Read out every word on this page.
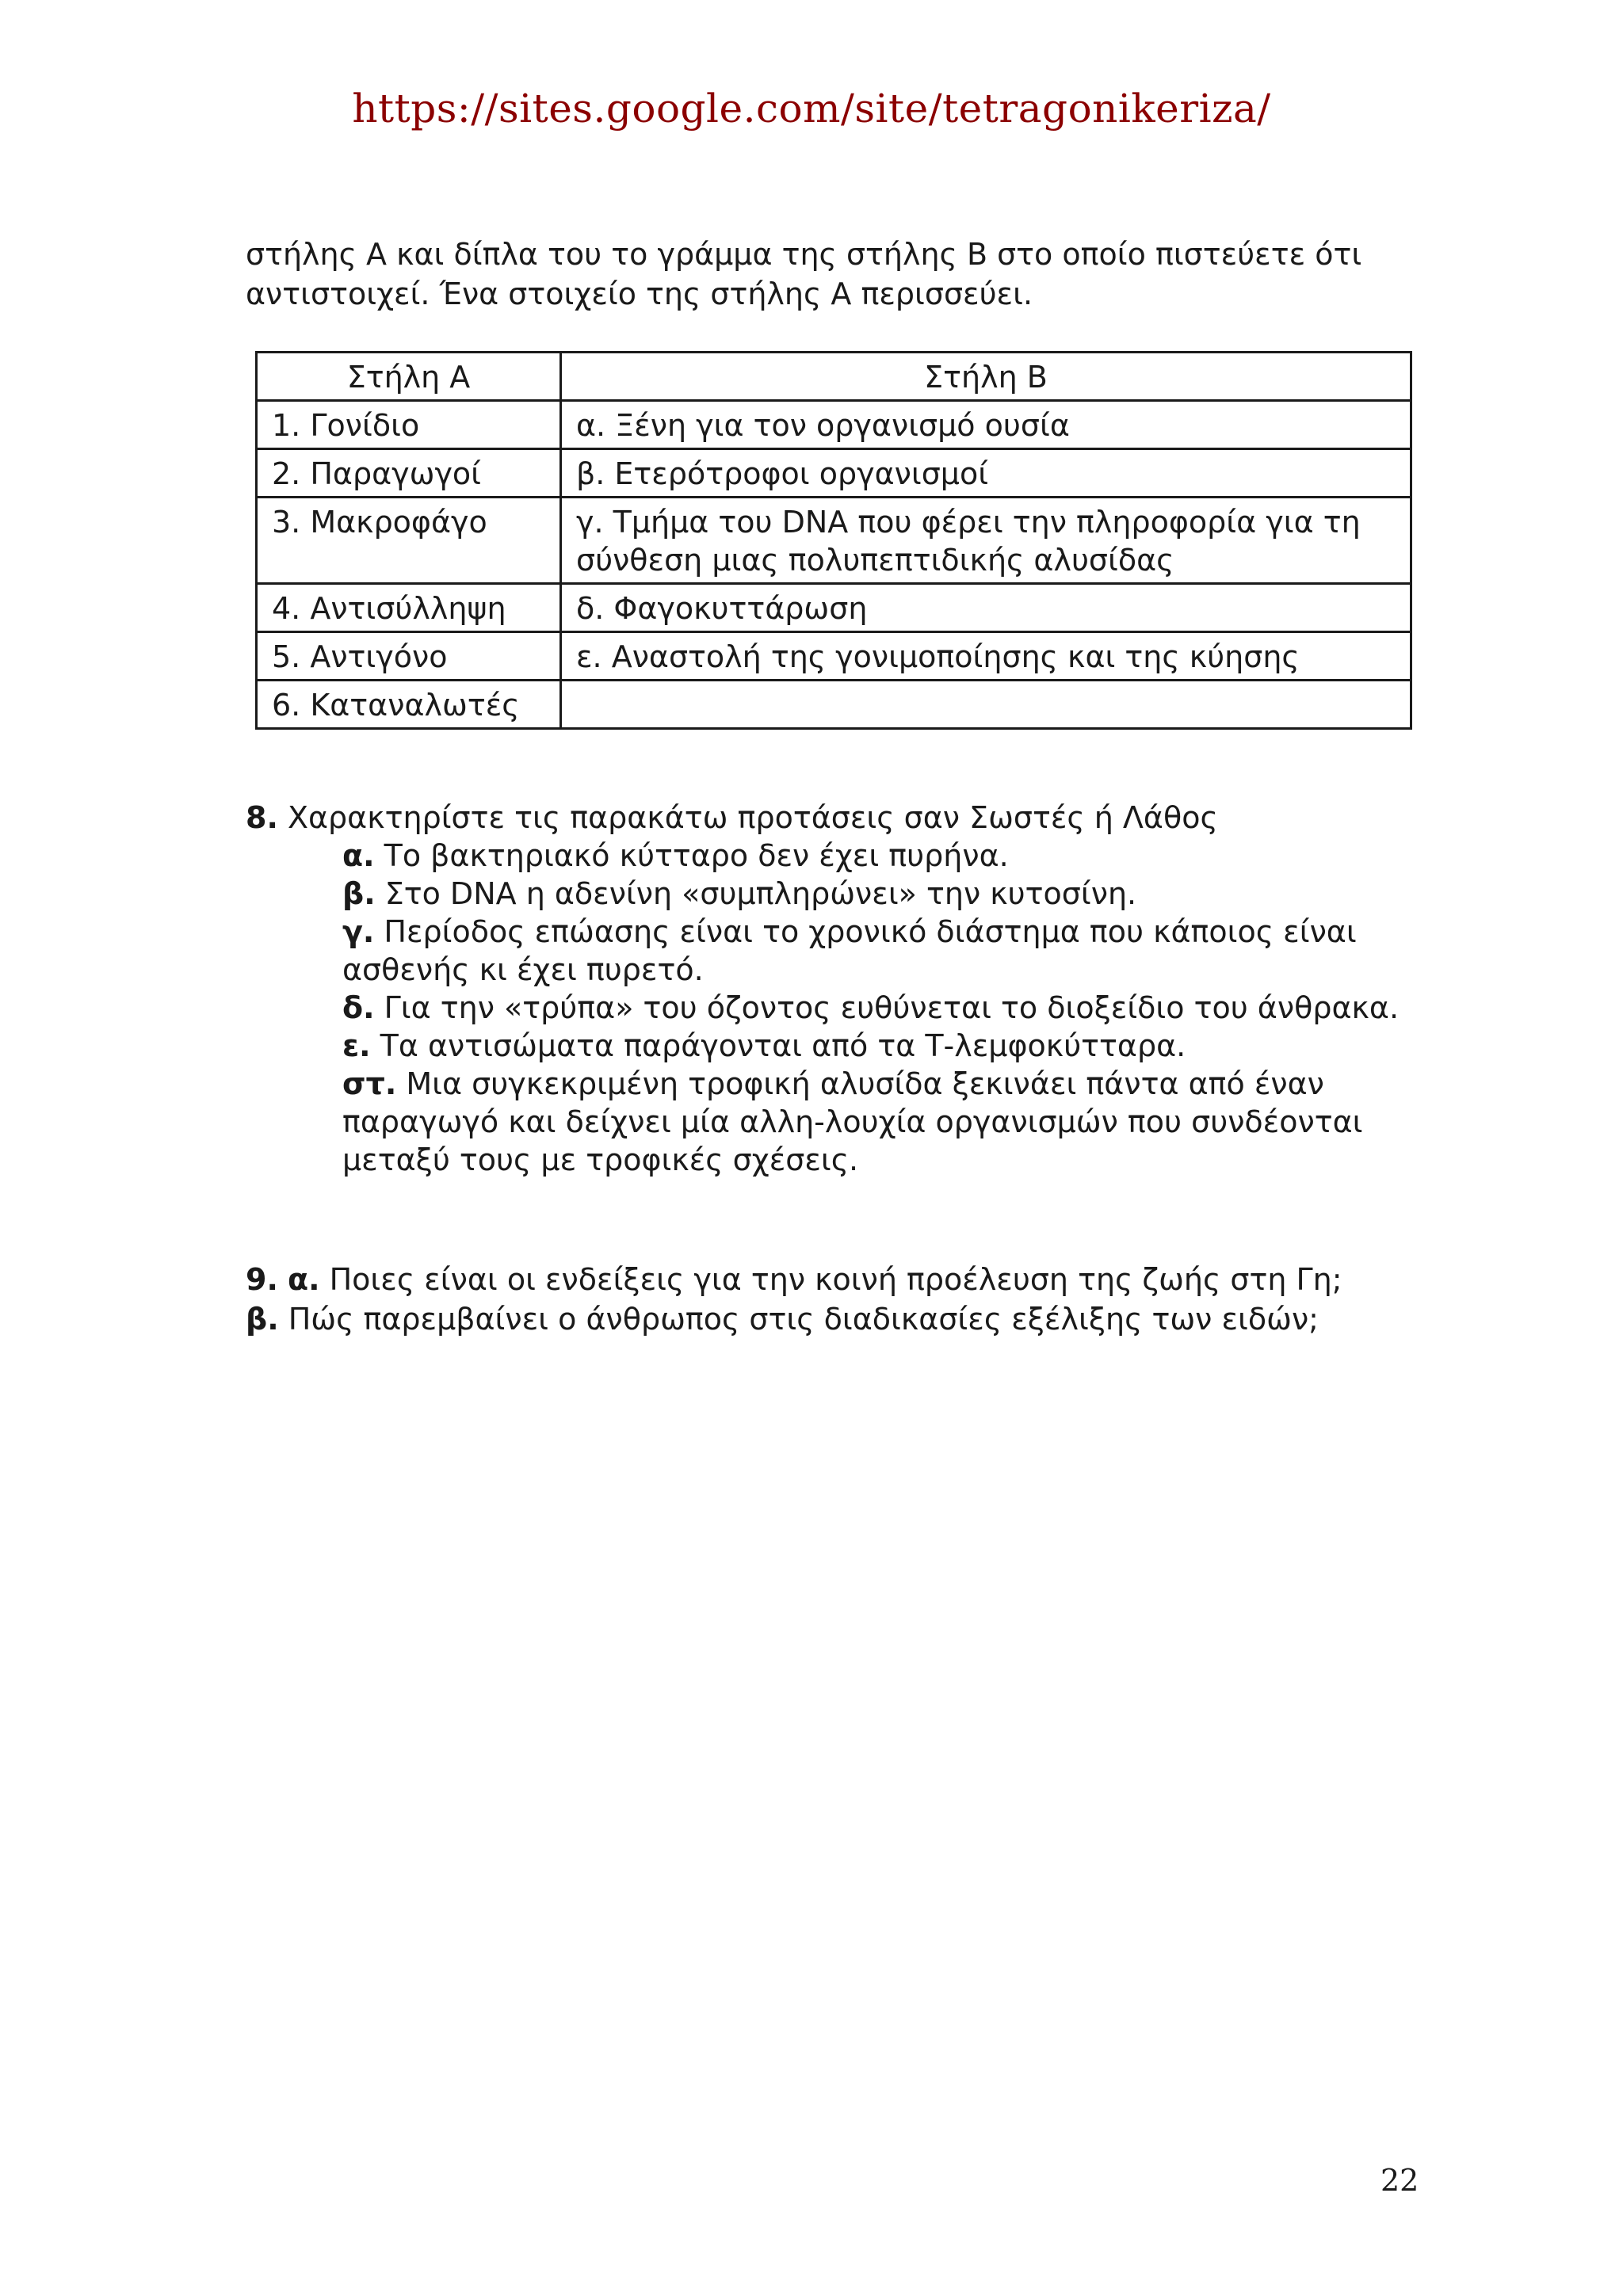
https://sites.google.com/site/tetragonikeriza/
στήλης Α και δίπλα του το γράμμα της στήλης Β στο οποίο πιστεύετε ότι
αντιστοιχεί. Ένα στοιχείο της στήλης Α περισσεύει.
Στήλη Α	Στήλη Β
1. Γονίδιο	α. Ξένη για τον οργανισμό ουσία
2. Παραγωγοί	β. Ετερότροφοι οργανισμοί
3. Μακροφάγο	γ. Τμήμα του DNA που φέρει την πληροφορία για τη σύνθεση μιας πολυπεπτιδικής αλυσίδας
4. Αντισύλληψη	δ. Φαγοκυττάρωση
5. Αντιγόνο	ε. Αναστολή της γονιμοποίησης και της κύησης
6. Καταναλωτές	
8. Χαρακτηρίστε τις παρακάτω προτάσεις σαν Σωστές ή Λάθος

α. Το βακτηριακό κύτταρο δεν έχει πυρήνα.

β. Στο DNA η αδενίνη «συμπληρώνει» την κυτοσίνη.

γ. Περίοδος επώασης είναι το χρονικό διάστημα που κάποιος είναι ασθενής κι έχει πυρετό.

δ. Για την «τρύπα» του όζοντος ευθύνεται το διοξείδιο του άνθρακα.

ε. Τα αντισώματα παράγονται από τα Τ-λεμφοκύτταρα.

στ. Μια συγκεκριμένη τροφική αλυσίδα ξεκινάει πάντα από έναν παραγωγό και δείχνει μία αλλη-λουχία οργανισμών που συνδέονται μεταξύ τους με τροφικές σχέσεις.

9. α. Ποιες είναι οι ενδείξεις για την κοινή προέλευση της ζωής στη Γη;
β. Πώς παρεμβαίνει ο άνθρωπος στις διαδικασίες εξέλιξης των ειδών;
22
